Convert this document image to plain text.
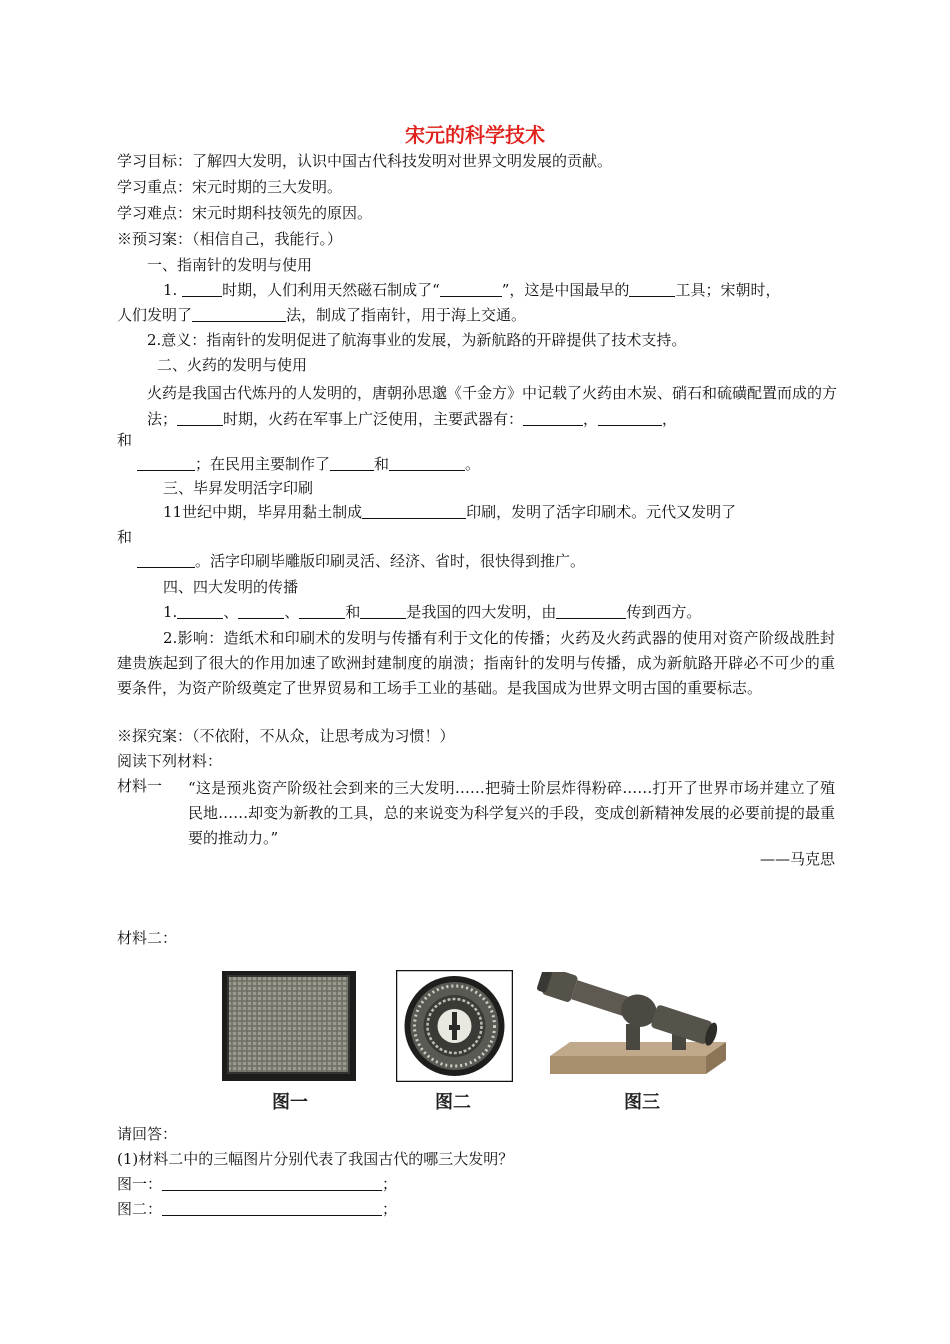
宋元的科学技术
学习目标：了解四大发明，认识中国古代科技发明对世界文明发展的贡献。
学习重点：宋元时期的三大发明。
学习难点：宋元时期科技领先的原因。
※预习案：（相信自己，我能行。）
一、指南针的发明与使用
1.	时期，人们利用天然磁石制成了“	”，这是中国最早的	工具；宋朝时，
人们发明了	法，制成了指南针，用于海上交通。
2.意义：指南针的发明促进了航海事业的发展，为新航路的开辟提供了技术支持。
二、火药的发明与使用
火药是我国古代炼丹的人发明的，唐朝孙思邈《千金方》中记载了火药由木炭、硝石和硫磺配置而成的方法；	时期，火药在军事上广泛使用，主要武器有：	，	，
和
；在民用主要制作了	和	。
三、毕昇发明活字印刷
11世纪中期，毕昇用黏土制成	印刷，发明了活字印刷术。元代又发明了
和
。活字印刷毕雕版印刷灵活、经济、省时，很快得到推广。
四、四大发明的传播
1.	、	、	和	是我国的四大发明，由	传到西方。
2.影响：造纸术和印刷术的发明与传播有利于文化的传播；火药及火药武器的使用对资产阶级战胜封建贵族起到了很大的作用加速了欧洲封建制度的崩溃；指南针的发明与传播，成为新航路开辟必不可少的重要条件，为资产阶级奠定了世界贸易和工场手工业的基础。是我国成为世界文明古国的重要标志。
※探究案：（不依附，不从众，让思考成为习惯！）
阅读下列材料：
材料一 “这是预兆资产阶级社会到来的三大发明……把骑士阶层炸得粉碎……打开了世界市场并建立了殖民地……却变为新教的工具，总的来说变为科学复兴的手段，变成创新精神发展的必要前提的最重要的推动力。”
——马克思
材料二：
图一	图二	图三
请回答：
(1)材料二中的三幅图片分别代表了我国古代的哪三大发明？
图一：	；
图二：	；
